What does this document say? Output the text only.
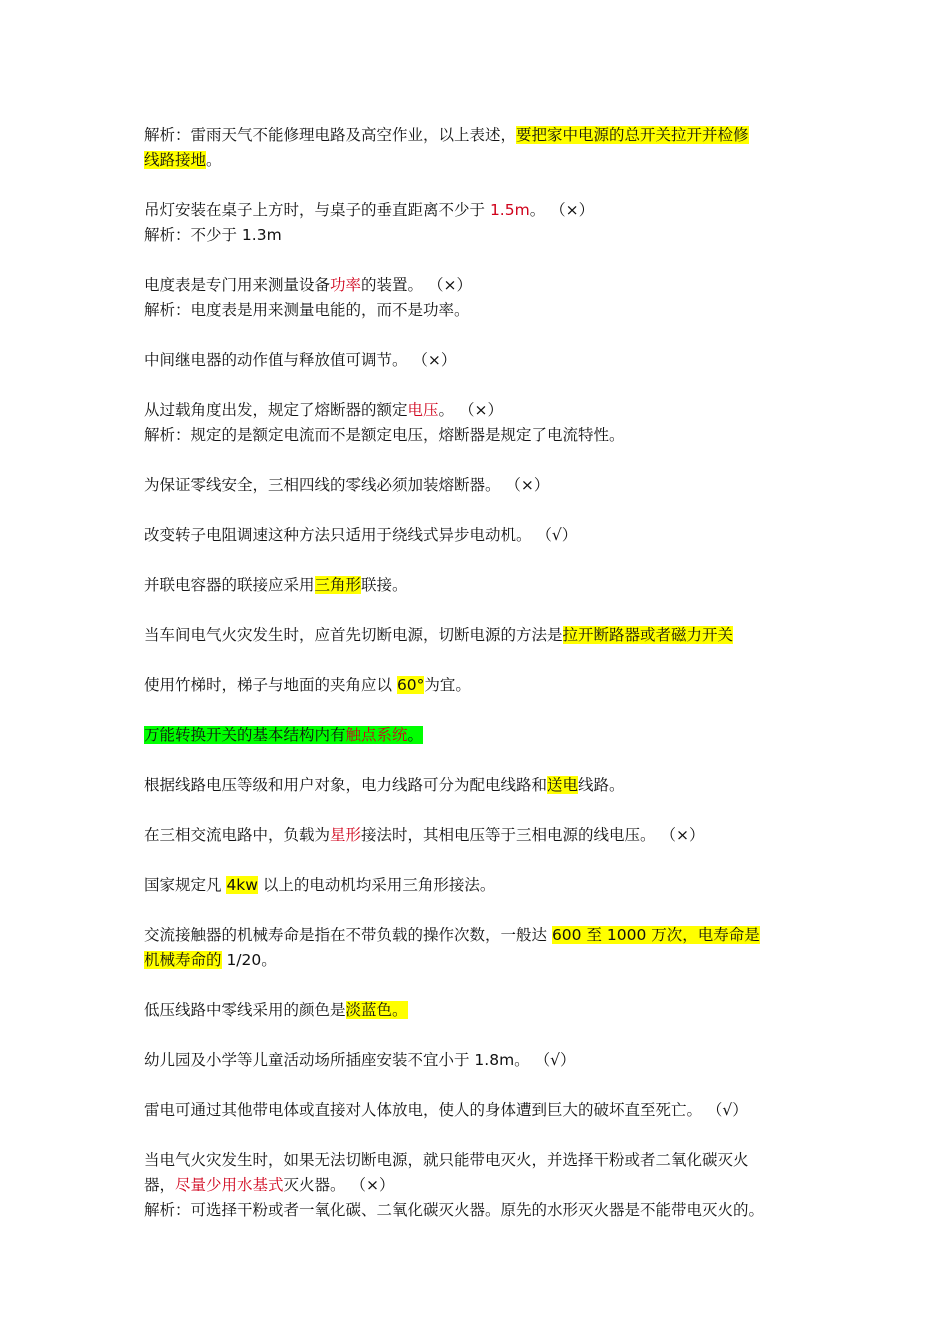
解析：雷雨天气不能修理电路及高空作业，以上表述，要把家中电源的总开关拉开并检修
线路接地。
吊灯安装在桌子上方时，与桌子的垂直距离不少于 1.5m。 （×）
解析：不少于 1.3m
电度表是专门用来测量设备功率的装置。 （×）
解析：电度表是用来测量电能的，而不是功率。
中间继电器的动作值与释放值可调节。 （×）
从过载角度出发，规定了熔断器的额定电压。 （×）
解析：规定的是额定电流而不是额定电压，熔断器是规定了电流特性。
为保证零线安全，三相四线的零线必须加装熔断器。 （×）
改变转子电阻调速这种方法只适用于绕线式异步电动机。 （√）
并联电容器的联接应采用三角形联接。
当车间电气火灾发生时，应首先切断电源，切断电源的方法是拉开断路器或者磁力开关
使用竹梯时，梯子与地面的夹角应以 60°为宜。
万能转换开关的基本结构内有触点系统。
根据线路电压等级和用户对象，电力线路可分为配电线路和送电线路。
在三相交流电路中，负载为星形接法时，其相电压等于三相电源的线电压。 （×）
国家规定凡 4kw 以上的电动机均采用三角形接法。
交流接触器的机械寿命是指在不带负载的操作次数，一般达 600 至 1000 万次，电寿命是
机械寿命的 1/20。
低压线路中零线采用的颜色是淡蓝色。
幼儿园及小学等儿童活动场所插座安装不宜小于 1.8m。 （√）
雷电可通过其他带电体或直接对人体放电，使人的身体遭到巨大的破坏直至死亡。 （√）
当电气火灾发生时，如果无法切断电源，就只能带电灭火，并选择干粉或者二氧化碳灭火
器，尽量少用水基式灭火器。 （×）
解析：可选择干粉或者一氧化碳、二氧化碳灭火器。原先的水形灭火器是不能带电灭火的。
